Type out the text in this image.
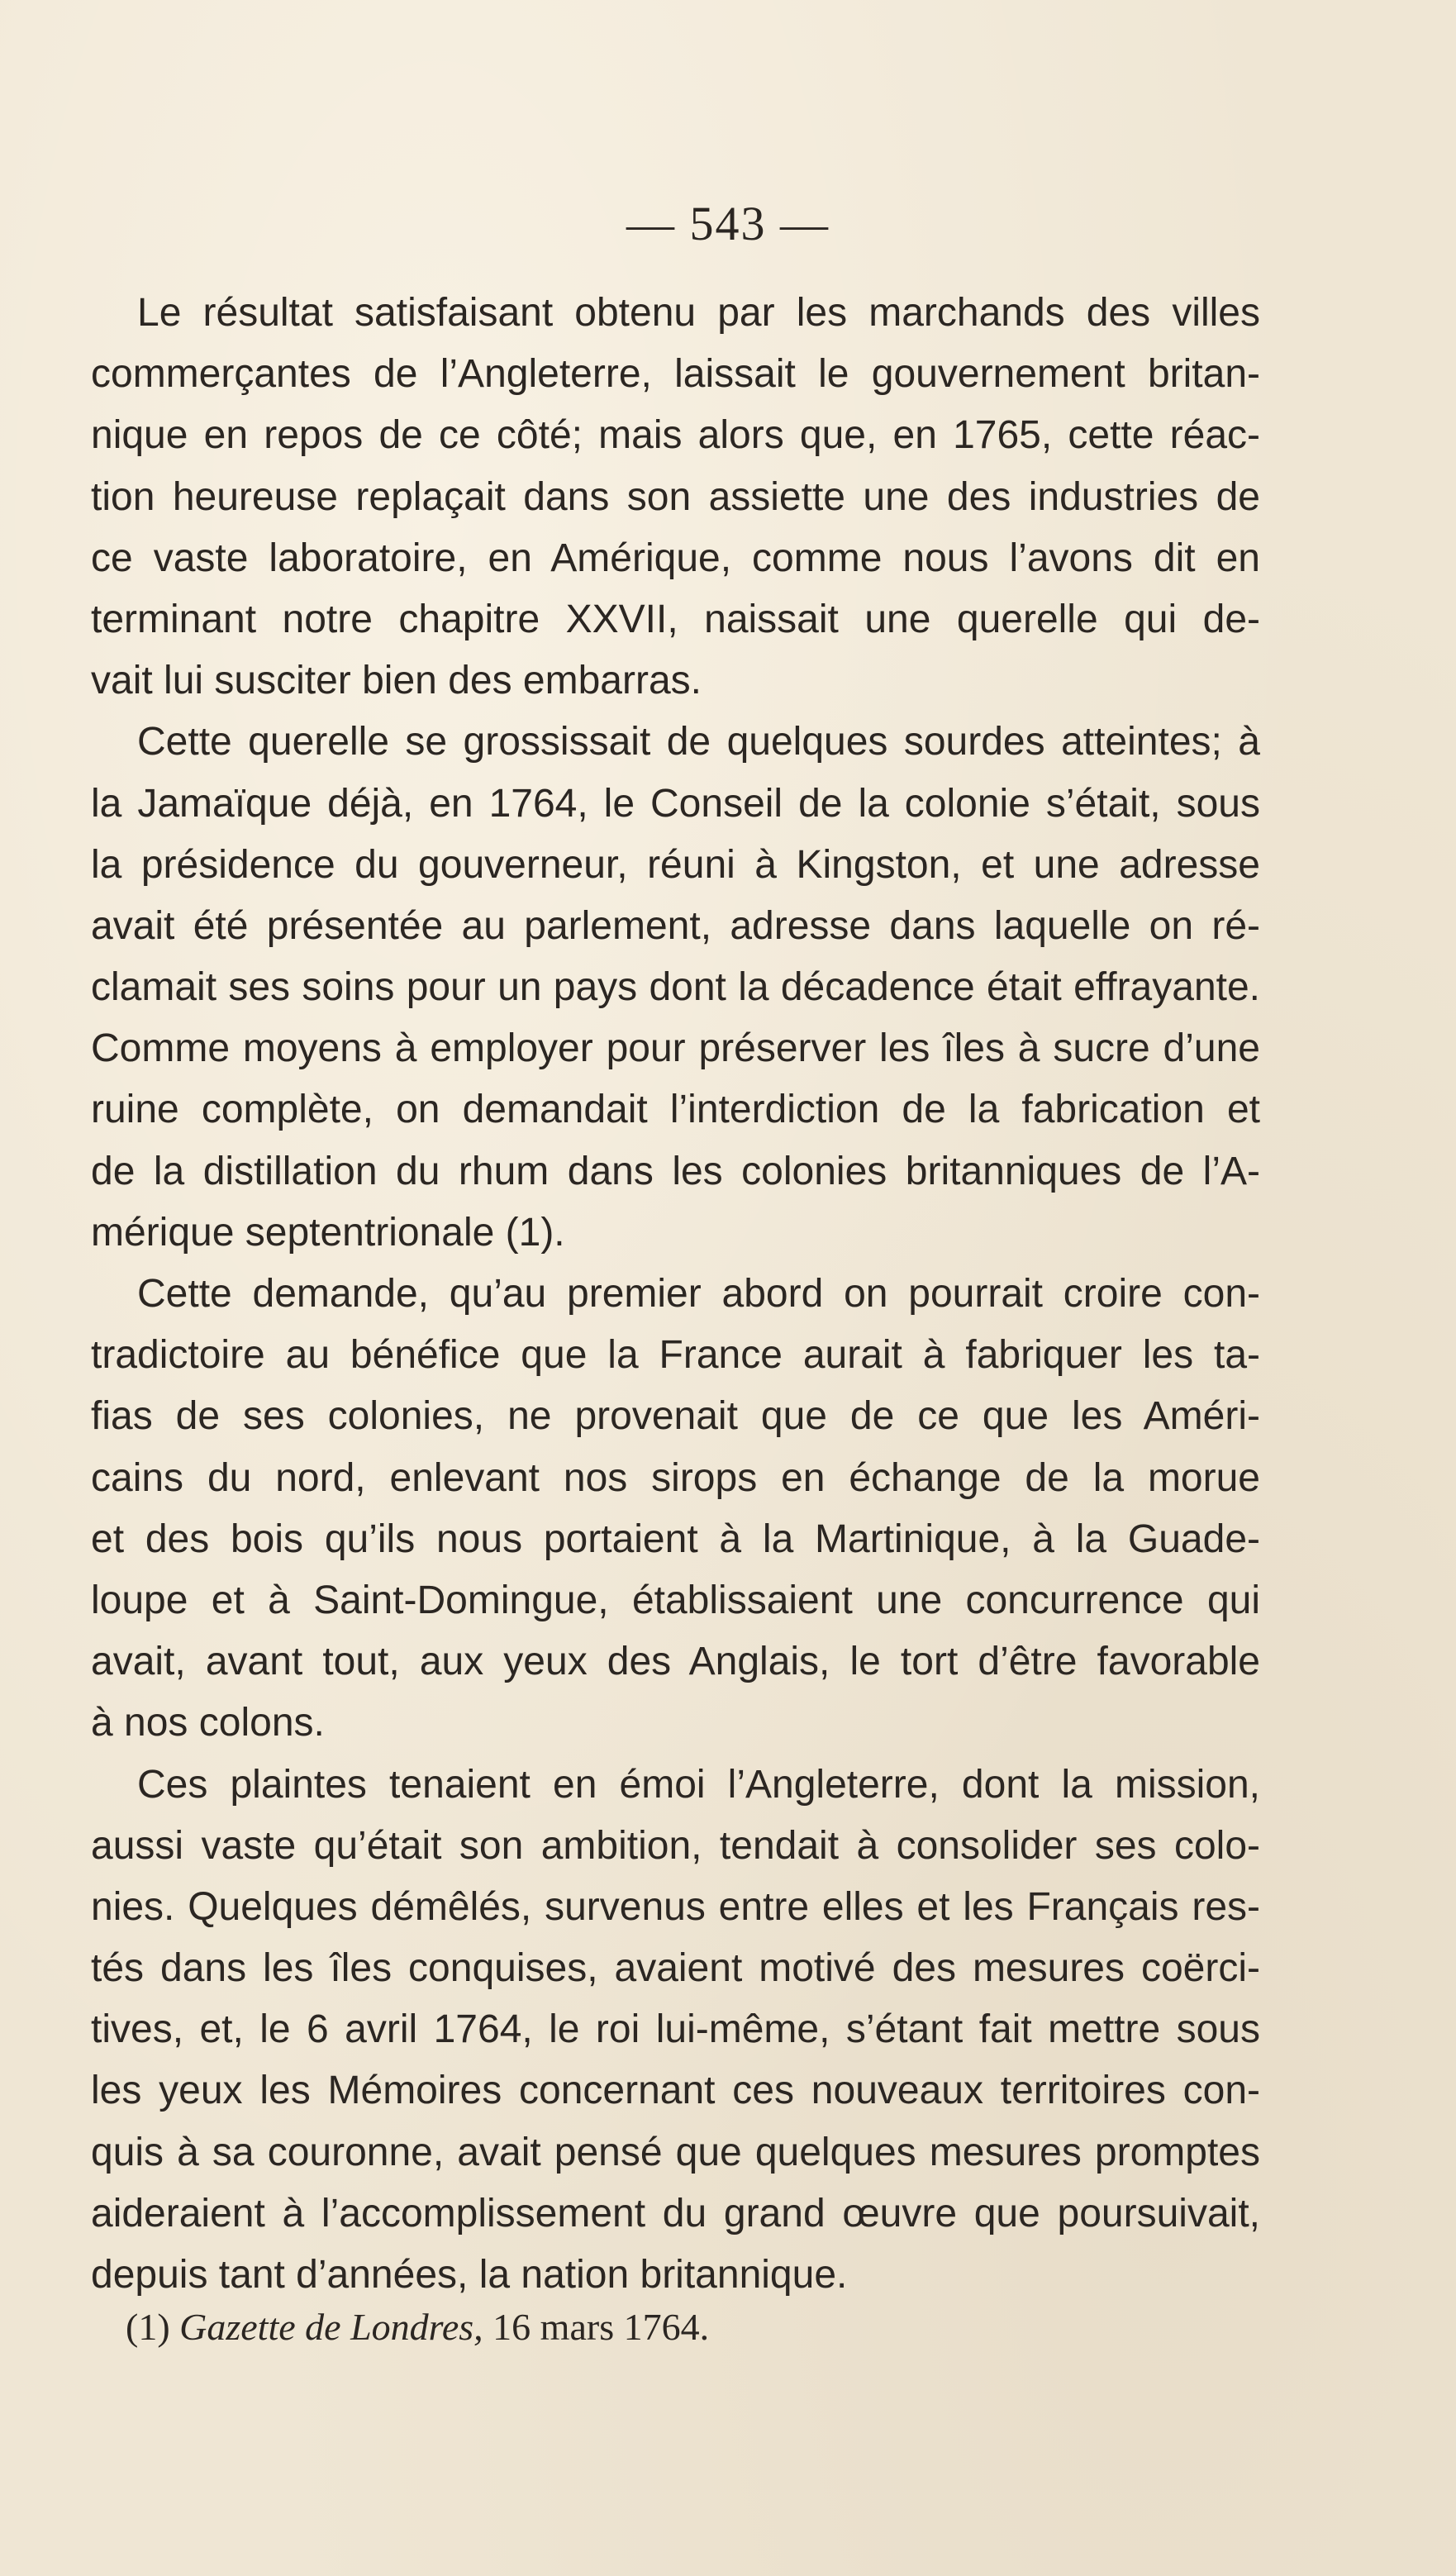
— 543 —
Le résultat satisfaisant obtenu par les marchands des villes
commerçantes de l’Angleterre, laissait le gouvernement britan-
nique en repos de ce côté; mais alors que, en 1765, cette réac-
tion heureuse replaçait dans son assiette une des industries de
ce vaste laboratoire, en Amérique, comme nous l’avons dit en
terminant notre chapitre XXVII, naissait une querelle qui de-
vait lui susciter bien des embarras.
Cette querelle se grossissait de quelques sourdes atteintes; à
la Jamaïque déjà, en 1764, le Conseil de la colonie s’était, sous
la présidence du gouverneur, réuni à Kingston, et une adresse
avait été présentée au parlement, adresse dans laquelle on ré-
clamait ses soins pour un pays dont la décadence était effrayante.
Comme moyens à employer pour préserver les îles à sucre d’une
ruine complète, on demandait l’interdiction de la fabrication et
de la distillation du rhum dans les colonies britanniques de l’A-
mérique septentrionale (1).
Cette demande, qu’au premier abord on pourrait croire con-
tradictoire au bénéfice que la France aurait à fabriquer les ta-
fias de ses colonies, ne provenait que de ce que les Améri-
cains du nord, enlevant nos sirops en échange de la morue
et des bois qu’ils nous portaient à la Martinique, à la Guade-
loupe et à Saint-Domingue, établissaient une concurrence qui
avait, avant tout, aux yeux des Anglais, le tort d’être favorable
à nos colons.
Ces plaintes tenaient en émoi l’Angleterre, dont la mission,
aussi vaste qu’était son ambition, tendait à consolider ses colo-
nies. Quelques démêlés, survenus entre elles et les Français res-
tés dans les îles conquises, avaient motivé des mesures coërci-
tives, et, le 6 avril 1764, le roi lui-même, s’étant fait mettre sous
les yeux les Mémoires concernant ces nouveaux territoires con-
quis à sa couronne, avait pensé que quelques mesures promptes
aideraient à l’accomplissement du grand œuvre que poursuivait,
depuis tant d’années, la nation britannique.
(1) Gazette de Londres, 16 mars 1764.
